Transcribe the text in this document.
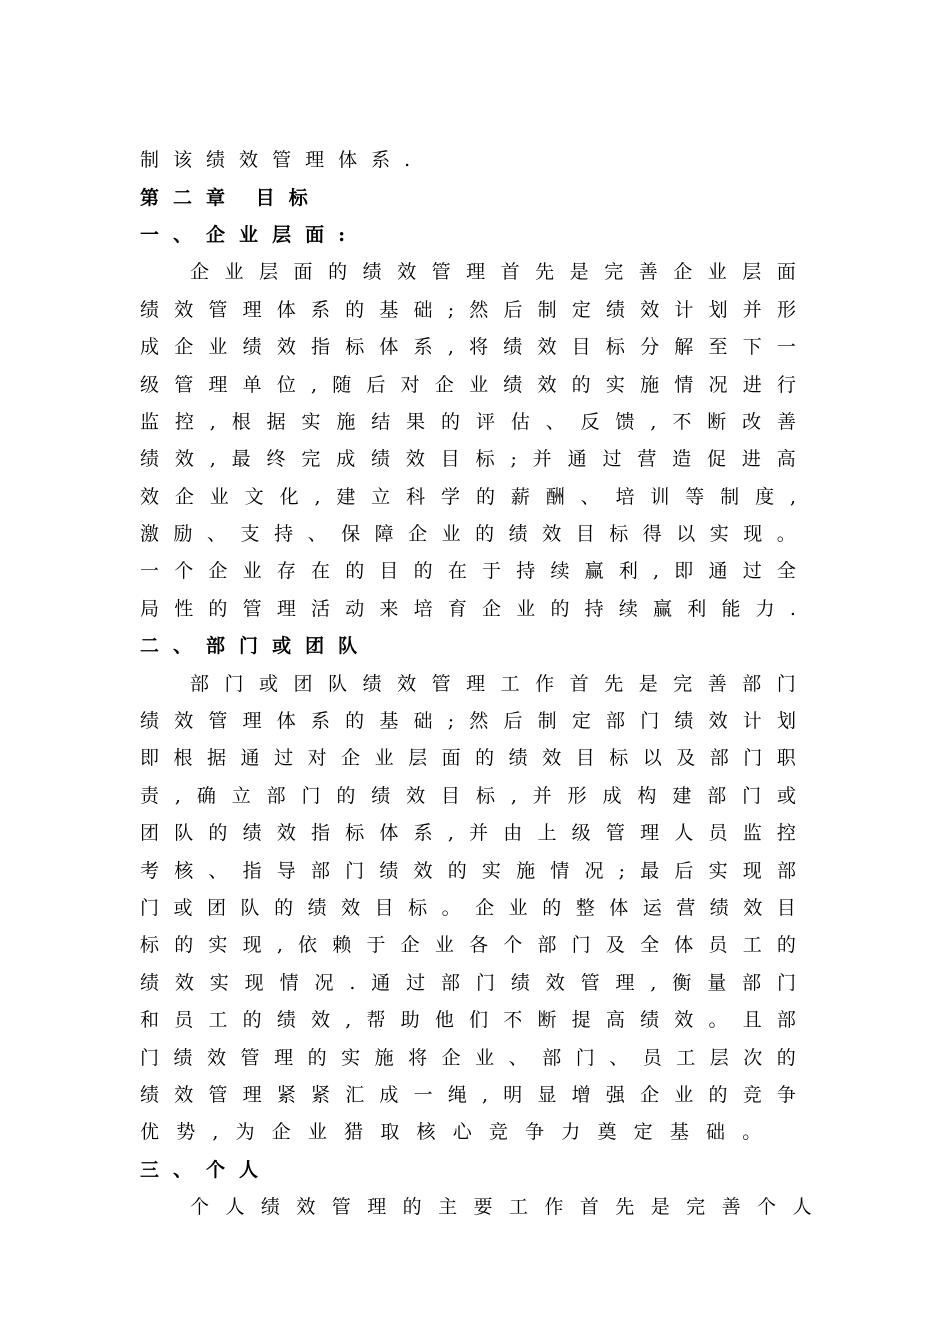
制 该 绩 效 管 理 体 系 .
第 二 章
目 标
一 、 企 业 层 面 :
企 业 层 面 的 绩 效 管 理 首 先 是 完 善 企 业 层 面
绩 效 管 理 体 系 的 基 础 ; 然 后 制 定 绩 效 计 划 并 形
成 企 业 绩 效 指 标 体 系 , 将 绩 效 目 标 分 解 至 下 一
级 管 理 单 位 , 随 后 对 企 业 绩 效 的 实 施 情 况 进 行
监 控 , 根 据 实 施 结 果 的 评 估 、 反 馈 , 不 断 改 善
绩 效 , 最 终 完 成 绩 效 目 标 ; 并 通 过 营 造 促 进 高
效 企 业 文 化 , 建 立 科 学 的 薪 酬 、 培 训 等 制 度 ,
激 励 、 支 持 、 保 障 企 业 的 绩 效 目 标 得 以 实 现 。
一 个 企 业 存 在 的 目 的 在 于 持 续 赢 利 , 即 通 过 全
局 性 的 管 理 活 动 来 培 育 企 业 的 持 续 赢 利 能 力 .
二 、 部 门 或 团 队
部 门 或 团 队 绩 效 管 理 工 作 首 先 是 完 善 部 门
绩 效 管 理 体 系 的 基 础 ; 然 后 制 定 部 门 绩 效 计 划
即 根 据 通 过 对 企 业 层 面 的 绩 效 目 标 以 及 部 门 职
责 , 确 立 部 门 的 绩 效 目 标 , 并 形 成 构 建 部 门 或
团 队 的 绩 效 指 标 体 系 , 并 由 上 级 管 理 人 员 监 控
考 核 、 指 导 部 门 绩 效 的 实 施 情 况 ; 最 后 实 现 部
门 或 团 队 的 绩 效 目 标 。 企 业 的 整 体 运 营 绩 效 目
标 的 实 现 , 依 赖 于 企 业 各 个 部 门 及 全 体 员 工 的
绩 效 实 现 情 况 . 通 过 部 门 绩 效 管 理 , 衡 量 部 门
和 员 工 的 绩 效 , 帮 助 他 们 不 断 提 高 绩 效 。 且 部
门 绩 效 管 理 的 实 施 将 企 业 、 部 门 、 员 工 层 次 的
绩 效 管 理 紧 紧 汇 成 一 绳 , 明 显 增 强 企 业 的 竞 争
优 势 , 为 企 业 猎 取 核 心 竞 争 力 奠 定 基 础 。
三 、 个 人
个 人 绩 效 管 理 的 主 要 工 作 首 先 是 完 善 个 人
